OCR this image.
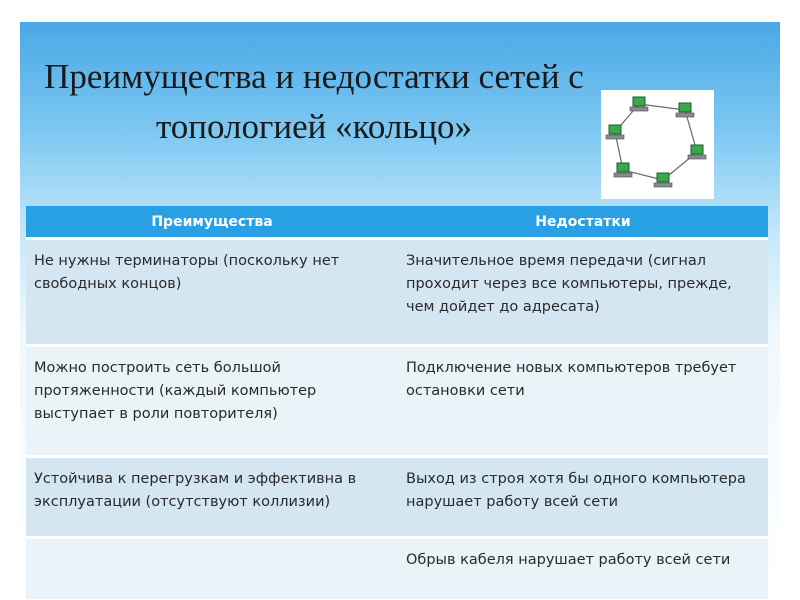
Преимущества и недостатки сетей с топологией «кольцо»
Преимущества	Недостатки
Не нужны терминаторы (поскольку нет свободных концов)	Значительное время передачи (сигнал проходит через все компьютеры, прежде, чем дойдет до адресата)
Можно построить сеть большой протяженности (каждый компьютер выступает в роли повторителя)	Подключение новых компьютеров требует остановки сети
Устойчива к перегрузкам и эффективна в эксплуатации (отсутствуют коллизии)	Выход из строя хотя бы одного компьютера нарушает работу всей сети
	Обрыв кабеля нарушает работу всей сети
